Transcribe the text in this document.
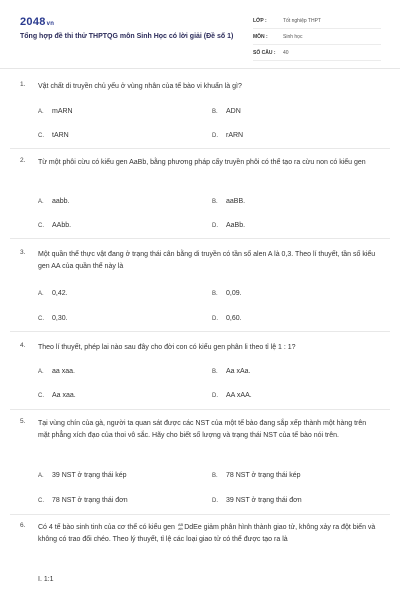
2048vn
Tổng hợp đề thi thử THPTQG môn Sinh Học có lời giải (Đề số 1)
LỚP :	Tốt nghiệp THPT
MÔN :	Sinh học
SỐ CÂU : 40
1. Vật chất di truyền chủ yếu ở vùng nhân của tế bào vi khuẩn là gì?
A. mARN	B. ADN
C. tARN	D. rARN
2. Từ một phôi cừu có kiểu gen AaBb, bằng phương pháp cấy truyền phôi có thể tạo ra cừu non có kiểu gen
A. aabb.	B. aaBB.
C. AAbb.	D. AaBb.
3. Một quần thể thực vật đang ở trạng thái cân bằng di truyền có tần số alen A là 0,3. Theo lí thuyết, tần số kiểu gen AA của quần thể này là
A. 0,42.	B. 0,09.
C. 0,30.	D. 0,60.
4. Theo lí thuyết, phép lai nào sau đây cho đời con có kiểu gen phân li theo tỉ lệ 1 : 1?
A. aa xaa.	B. Aa xAa.
C. Aa xaa.	D. AA xAA.
5. Tại vùng chín của gà, người ta quan sát được các NST của một tế bào đang sắp xếp thành một hàng trên mặt phẳng xích đạo của thoi vô sắc. Hãy cho biết số lượng và trạng thái NST của tế bào nói trên.
A. 39 NST ở trạng thái kép	B. 78 NST ở trạng thái kép
C. 78 NST ở trạng thái đơn	D. 39 NST ở trạng thái đơn
6. Có 4 tế bào sinh tinh của cơ thể có kiểu gen AB
ab DdEe giảm phân hình thành giao tử, không xảy ra đột biến và không có trao đổi chéo. Theo lý thuyết, tỉ lệ các loại giao tử có thể được tạo ra là
I. 1:1
